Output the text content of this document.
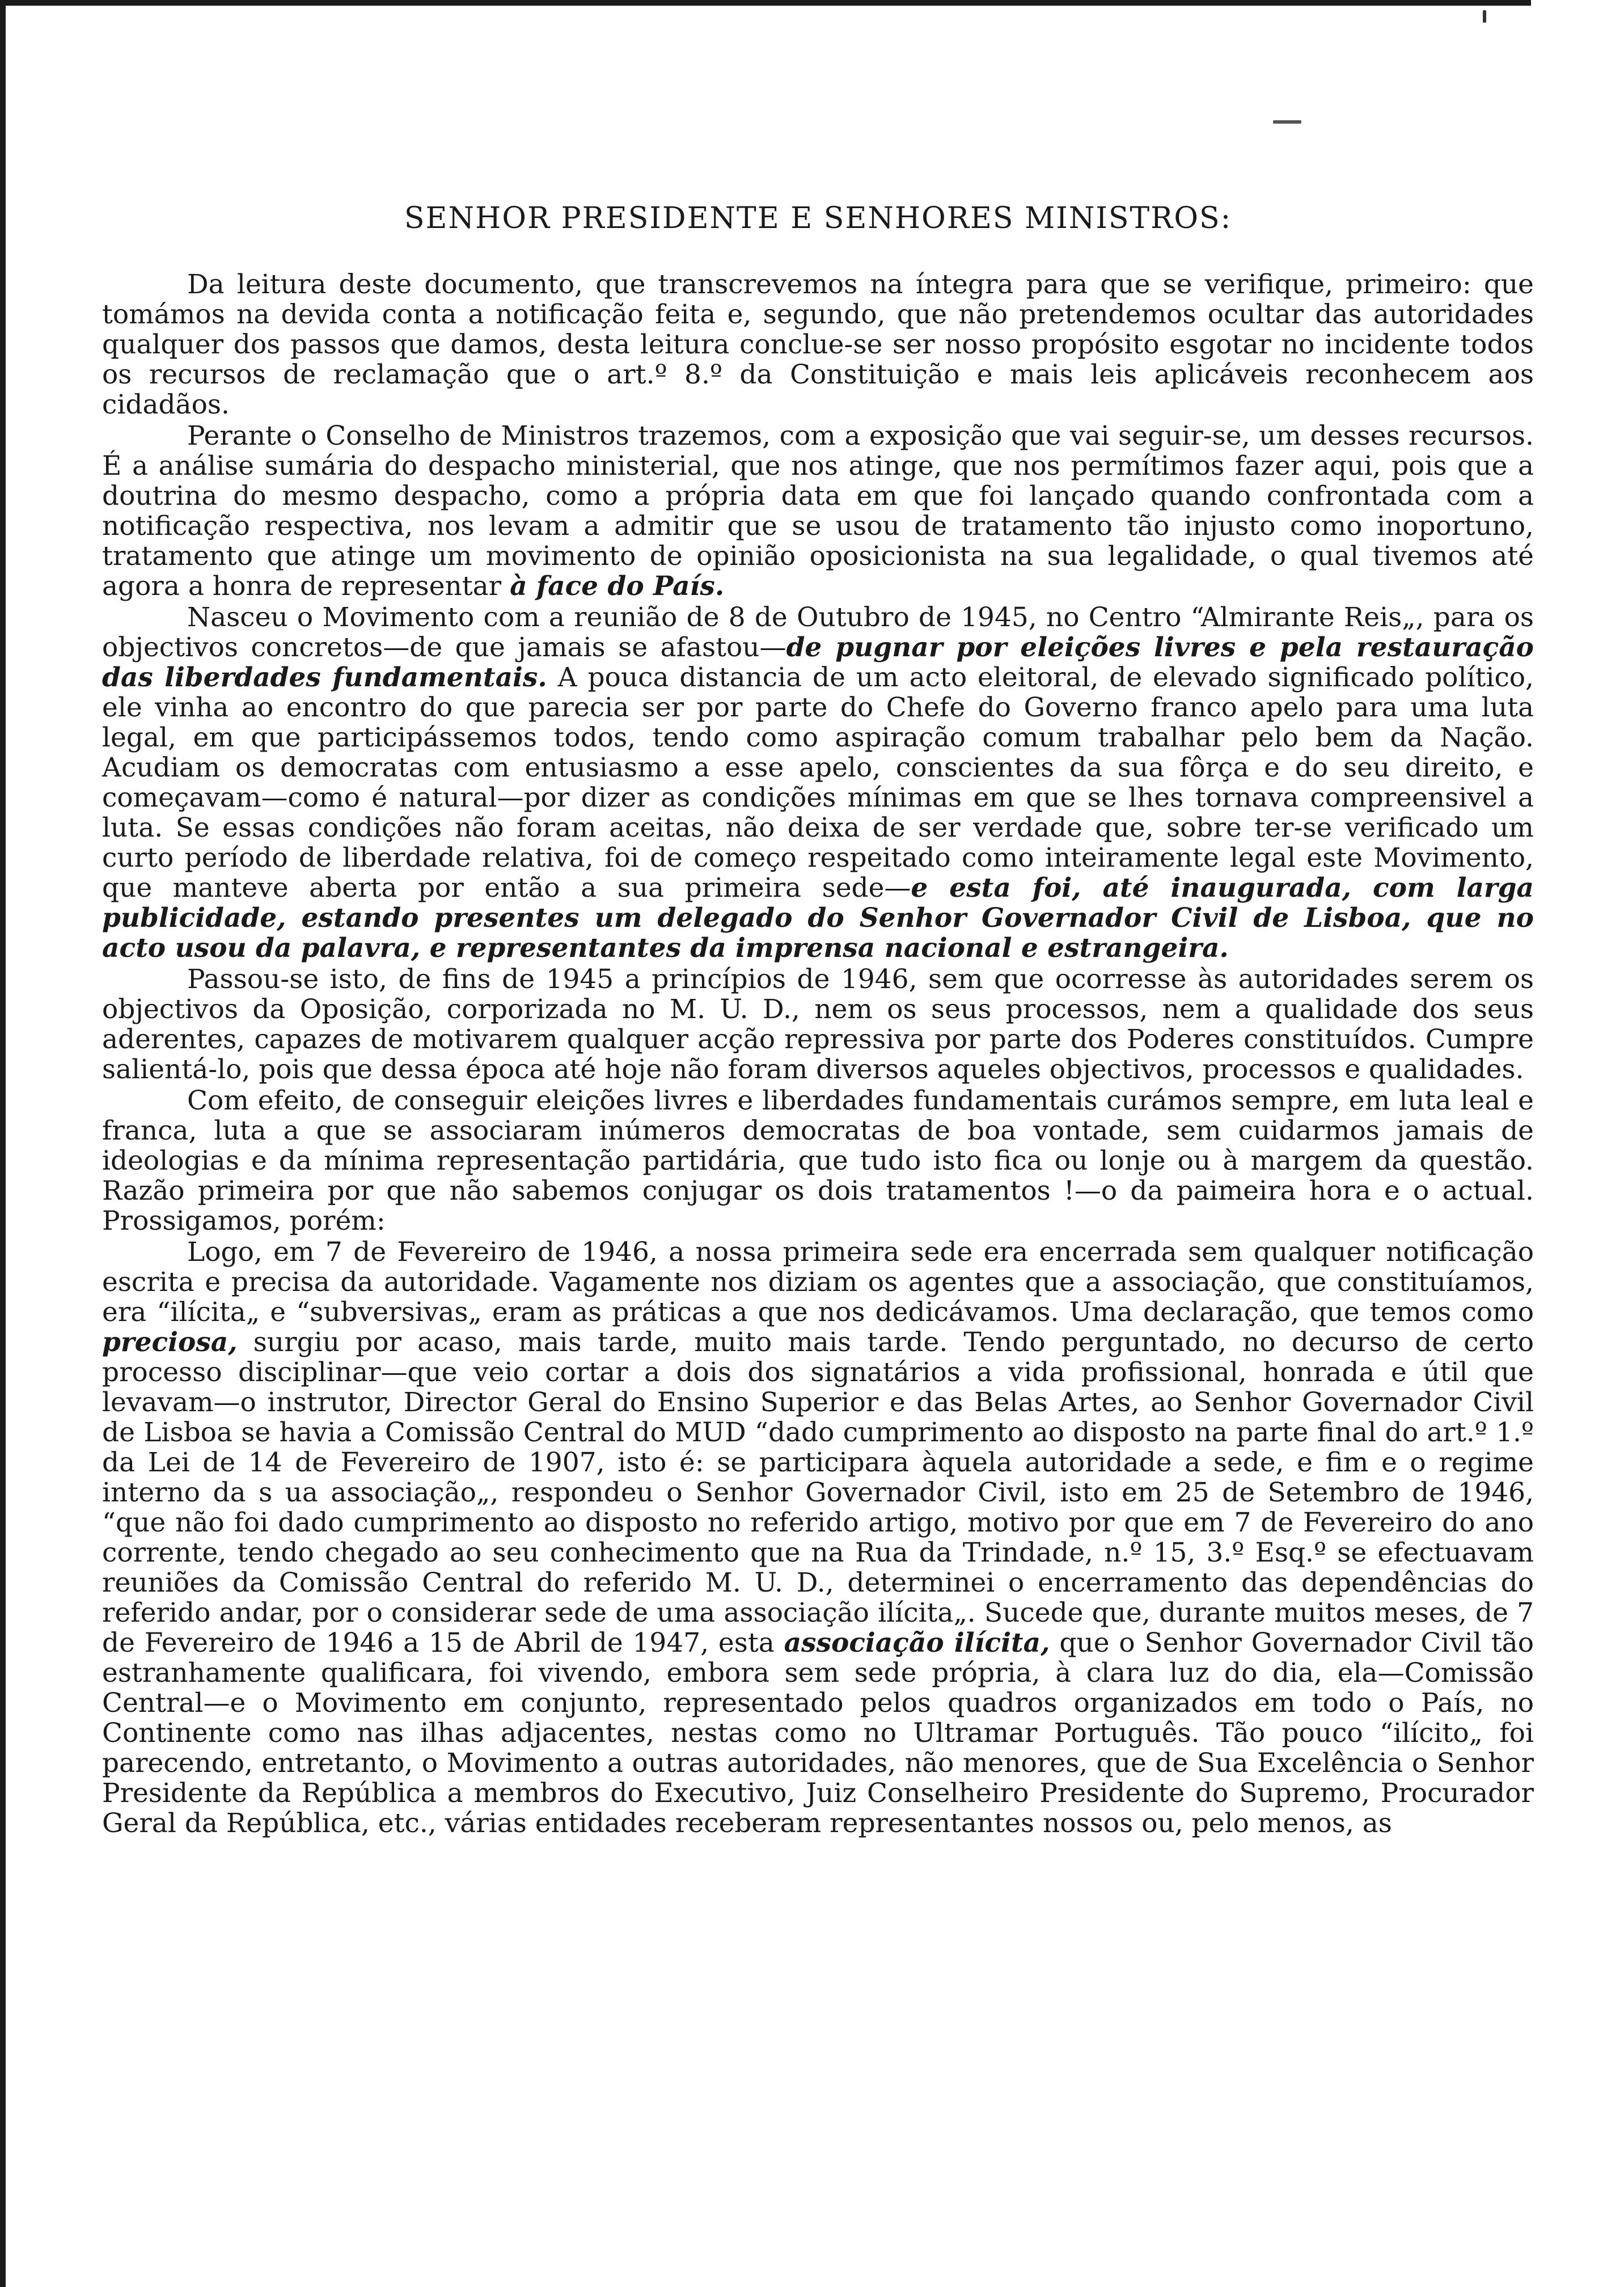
SENHOR PRESIDENTE E SENHORES MINISTROS:

Da leitura deste documento, que transcrevemos na íntegra para que se verifique, primeiro: que tomámos na devida conta a notificação feita e, segundo, que não pretendemos ocultar das autoridades qualquer dos passos que damos, desta leitura conclue-se ser nosso propósito esgotar no incidente todos os recursos de reclamação que o art.º 8.º da Constituição e mais leis aplicáveis reconhecem aos cidadãos.

Perante o Conselho de Ministros trazemos, com a exposição que vai seguir-se, um desses recursos. É a análise sumária do despacho ministerial, que nos atinge, que nos permítimos fazer aqui, pois que a doutrina do mesmo despacho, como a própria data em que foi lançado quando confrontada com a notificação respectiva, nos levam a admitir que se usou de tratamento tão injusto como inoportuno, tratamento que atinge um movimento de opinião oposicionista na sua legalidade, o qual tivemos até agora a honra de representar à face do País.

Nasceu o Movimento com a reunião de 8 de Outubro de 1945, no Centro “Almirante Reis„, para os objectivos concretos—de que jamais se afastou—de pugnar por eleições livres e pela restauração das liberdades fundamentais. A pouca distancia de um acto eleitoral, de elevado significado político, ele vinha ao encontro do que parecia ser por parte do Chefe do Governo franco apelo para uma luta legal, em que participássemos todos, tendo como aspiração comum trabalhar pelo bem da Nação. Acudiam os democratas com entusiasmo a esse apelo, conscientes da sua fôrça e do seu direito, e começavam—como é natural—por dizer as condições mínimas em que se lhes tornava compreensivel a luta. Se essas condições não foram aceitas, não deixa de ser verdade que, sobre ter-se verificado um curto período de liberdade relativa, foi de começo respeitado como inteiramente legal este Movimento, que manteve aberta por então a sua primeira sede—e esta foi, até inaugurada, com larga publicidade, estando presentes um delegado do Senhor Governador Civil de Lisboa, que no acto usou da palavra, e representantes da imprensa nacional e estrangeira.

Passou-se isto, de fins de 1945 a princípios de 1946, sem que ocorresse às autoridades serem os objectivos da Oposição, corporizada no M. U. D., nem os seus processos, nem a qualidade dos seus aderentes, capazes de motivarem qualquer acção repressiva por parte dos Poderes constituídos. Cumpre salientá-lo, pois que dessa época até hoje não foram diversos aqueles objectivos, processos e qualidades.

Com efeito, de conseguir eleições livres e liberdades fundamentais curámos sempre, em luta leal e franca, luta a que se associaram inúmeros democratas de boa vontade, sem cuidarmos jamais de ideologias e da mínima representação partidária, que tudo isto fica ou lonje ou à margem da questão. Razão primeira por que não sabemos conjugar os dois tratamentos !—o da paimeira hora e o actual. Prossigamos, porém:

Logo, em 7 de Fevereiro de 1946, a nossa primeira sede era encerrada sem qualquer notificação escrita e precisa da autoridade. Vagamente nos diziam os agentes que a associação, que constituíamos, era “ilícita„ e “subversivas„ eram as práticas a que nos dedicávamos. Uma declaração, que temos como preciosa, surgiu por acaso, mais tarde, muito mais tarde. Tendo perguntado, no decurso de certo processo disciplinar—que veio cortar a dois dos signatários a vida profissional, honrada e útil que levavam—o instrutor, Director Geral do Ensino Superior e das Belas Artes, ao Senhor Governador Civil de Lisboa se havia a Comissão Central do MUD “dado cumprimento ao disposto na parte final do art.º 1.º da Lei de 14 de Fevereiro de 1907, isto é: se participara àquela autoridade a sede, e fim e o regime interno da s ua associação„, respondeu o Senhor Governador Civil, isto em 25 de Setembro de 1946, “que não foi dado cumprimento ao disposto no referido artigo, motivo por que em 7 de Fevereiro do ano corrente, tendo chegado ao seu conhecimento que na Rua da Trindade, n.º 15, 3.º Esq.º se efectuavam reuniões da Comissão Central do referido M. U. D., determinei o encerramento das dependências do referido andar, por o considerar sede de uma associação ilícita„. Sucede que, durante muitos meses, de 7 de Fevereiro de 1946 a 15 de Abril de 1947, esta associação ilícita, que o Senhor Governador Civil tão estranhamente qualificara, foi vivendo, embora sem sede própria, à clara luz do dia, ela—Comissão Central—e o Movimento em conjunto, representado pelos quadros organizados em todo o País, no Continente como nas ilhas adjacentes, nestas como no Ultramar Português. Tão pouco “ilícito„ foi parecendo, entretanto, o Movimento a outras autoridades, não menores, que de Sua Excelência o Senhor Presidente da República a membros do Executivo, Juiz Conselheiro Presidente do Supremo, Procurador Geral da República, etc., várias entidades receberam representantes nossos ou, pelo menos, as
